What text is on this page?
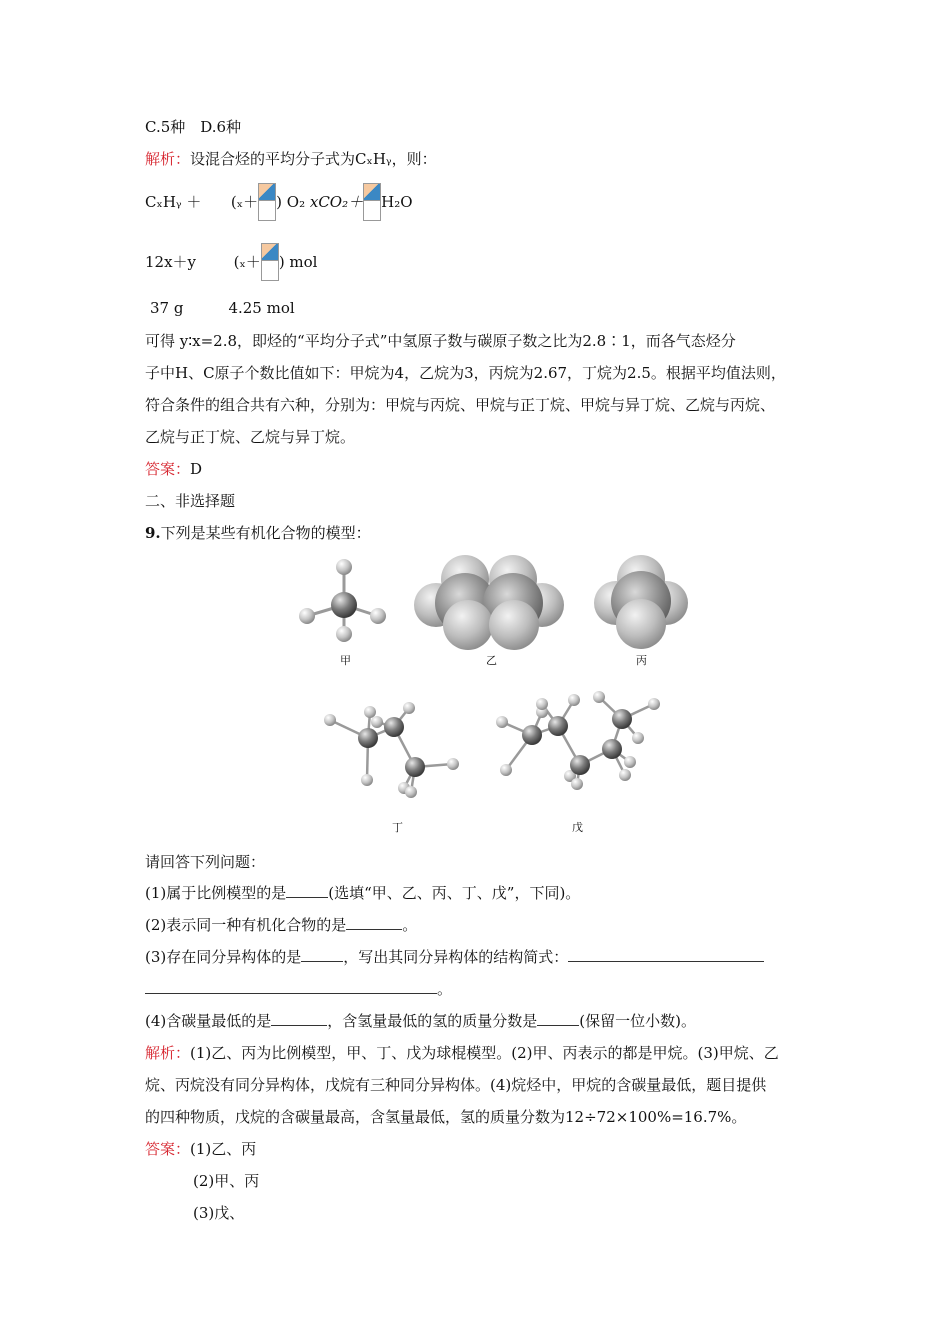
C.5种　D.6种
解析：设混合烃的平均分子式为CₓHᵧ，则：
CₓHᵧ ＋ (ₓ＋ ) O₂ xCO₂＋ H₂O
12x＋y	(ₓ＋ ) mol
37 g　　　4.25 mol
可得 y∶x=2.8，即烃的“平均分子式”中氢原子数与碳原子数之比为2.8∶1，而各气态烃分
子中H、C原子个数比值如下：甲烷为4，乙烷为3，丙烷为2.67，丁烷为2.5。根据平均值法则，
符合条件的组合共有六种，分别为：甲烷与丙烷、甲烷与正丁烷、甲烷与异丁烷、乙烷与丙烷、
乙烷与正丁烷、乙烷与异丁烷。
答案：D
二、非选择题
9.下列是某些有机化合物的模型：
甲	乙	丙
丁	戊
请回答下列问题：
(1)属于比例模型的是	(选填“甲、乙、丙、丁、戊”，下同)。
(2)表示同一种有机化合物的是	。
(3)存在同分异构体的是	，写出其同分异构体的结构简式：
。
(4)含碳量最低的是	，含氢量最低的氢的质量分数是	(保留一位小数)。
解析：(1)乙、丙为比例模型，甲、丁、戊为球棍模型。(2)甲、丙表示的都是甲烷。(3)甲烷、乙
烷、丙烷没有同分异构体，戊烷有三种同分异构体。(4)烷烃中，甲烷的含碳量最低，题目提供
的四种物质，戊烷的含碳量最高，含氢量最低，氢的质量分数为12÷72×100%=16.7%。
答案：(1)乙、丙
(2)甲、丙
(3)戊、
